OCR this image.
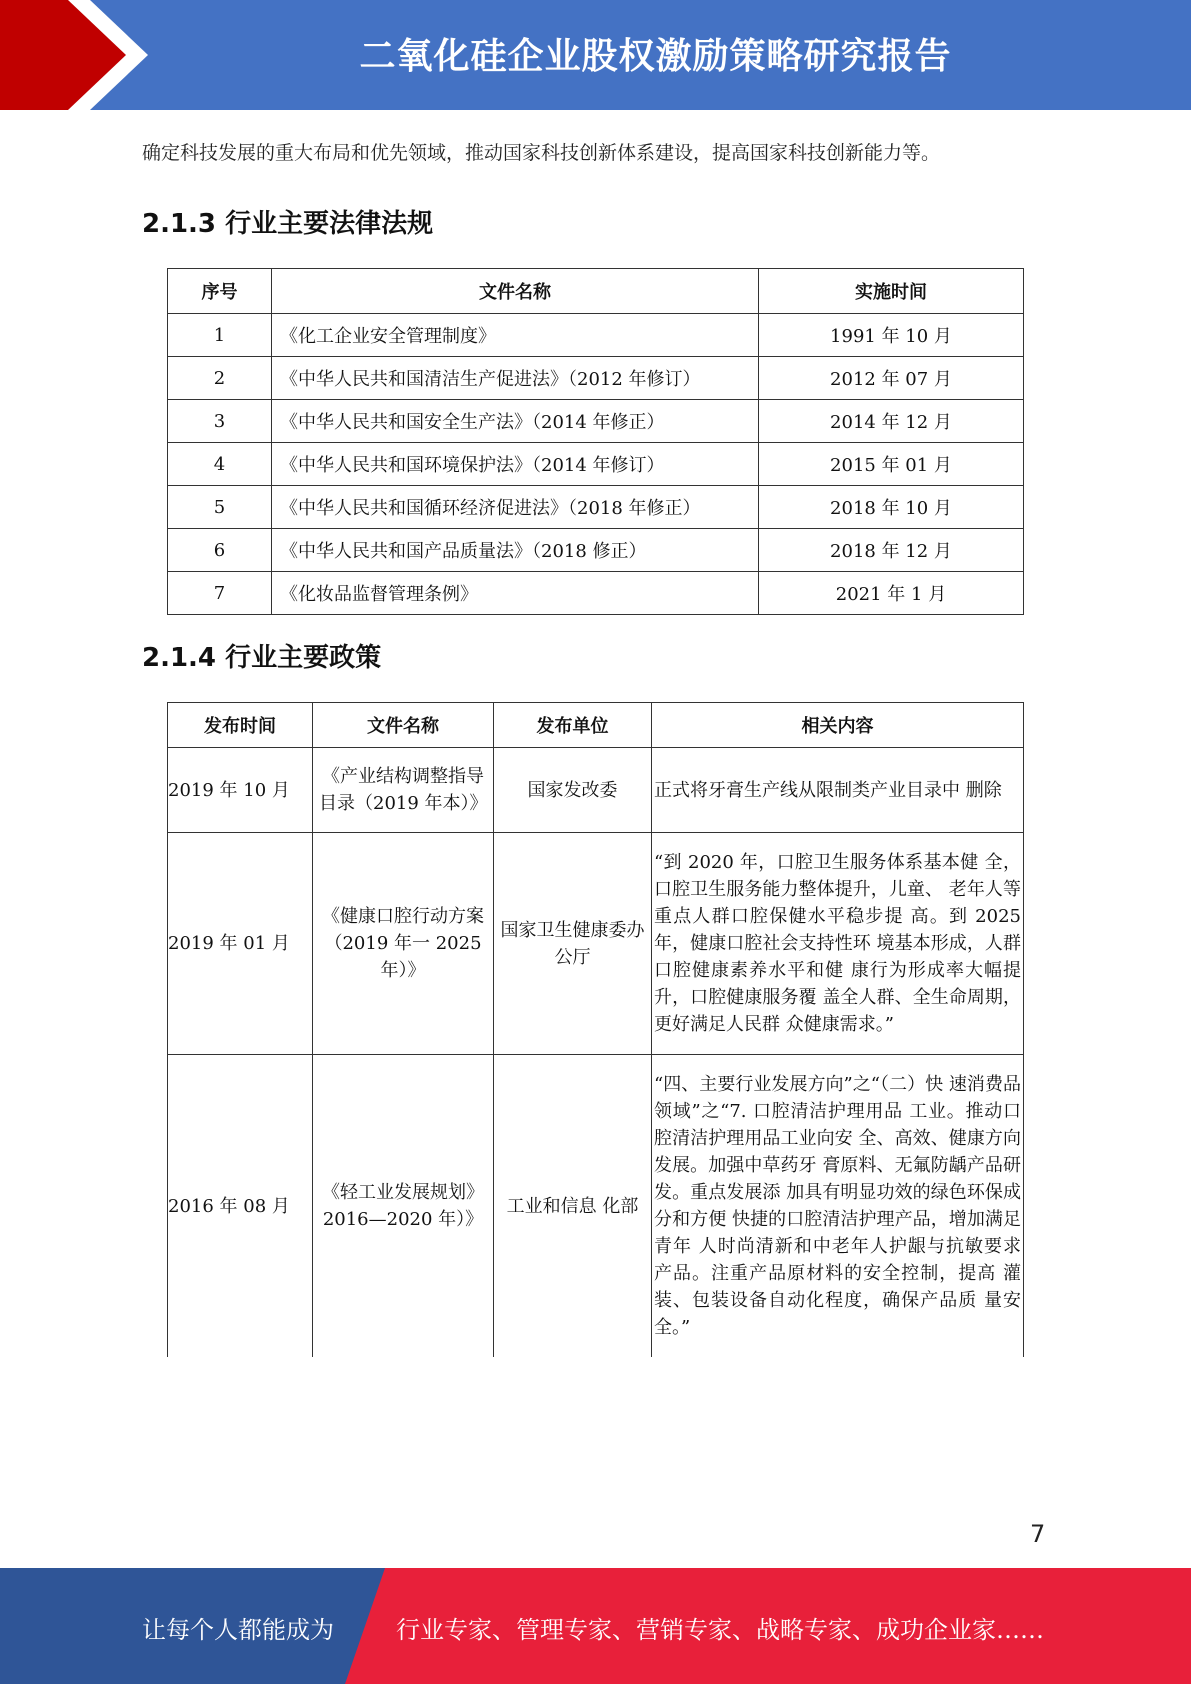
二氧化硅企业股权激励策略研究报告
确定科技发展的重大布局和优先领域，推动国家科技创新体系建设，提高国家科技创新能力等。
2.1.3 行业主要法律法规
序号	文件名称	实施时间
1	《化工企业安全管理制度》	1991 年 10 月
2	《中华人民共和国清洁生产促进法》（2012 年修订）	2012 年 07 月
3	《中华人民共和国安全生产法》（2014 年修正）	2014 年 12 月
4	《中华人民共和国环境保护法》（2014 年修订）	2015 年 01 月
5	《中华人民共和国循环经济促进法》（2018 年修正）	2018 年 10 月
6	《中华人民共和国产品质量法》（2018 修正）	2018 年 12 月
7	《化妆品监督管理条例》	2021 年 1 月
2.1.4 行业主要政策
发布时间	文件名称	发布单位	相关内容
2019 年 10 月	《产业结构调整指导目录（2019 年本）》	国家发改委	正式将牙膏生产线从限制类产业目录中 删除
2019 年 01 月	《健康口腔行动方案（2019 年一 2025 年）》	国家卫生健康委办公厅	“到 2020 年，口腔卫生服务体系基本健 全，口腔卫生服务能力整体提升，儿童、 老年人等重点人群口腔保健水平稳步提 高。到 2025 年，健康口腔社会支持性环 境基本形成，人群口腔健康素养水平和健 康行为形成率大幅提升，口腔健康服务覆 盖全人群、全生命周期，更好满足人民群 众健康需求。”
2016 年 08 月	《轻工业发展规划》2016—2020 年）》	工业和信息 化部	“四、主要行业发展方向”之“（二）快 速消费品领域”之“7. 口腔清洁护理用品 工业。推动口腔清洁护理用品工业向安 全、高效、健康方向发展。加强中草药牙 膏原料、无氟防龋产品研发。重点发展添 加具有明显功效的绿色环保成分和方便 快捷的口腔清洁护理产品，增加满足青年 人时尚清新和中老年人护龈与抗敏要求 产品。注重产品原材料的安全控制，提高 灌装、包装设备自动化程度，确保产品质 量安全。”
7
让每个人都能成为	行业专家、管理专家、营销专家、战略专家、成功企业家……
